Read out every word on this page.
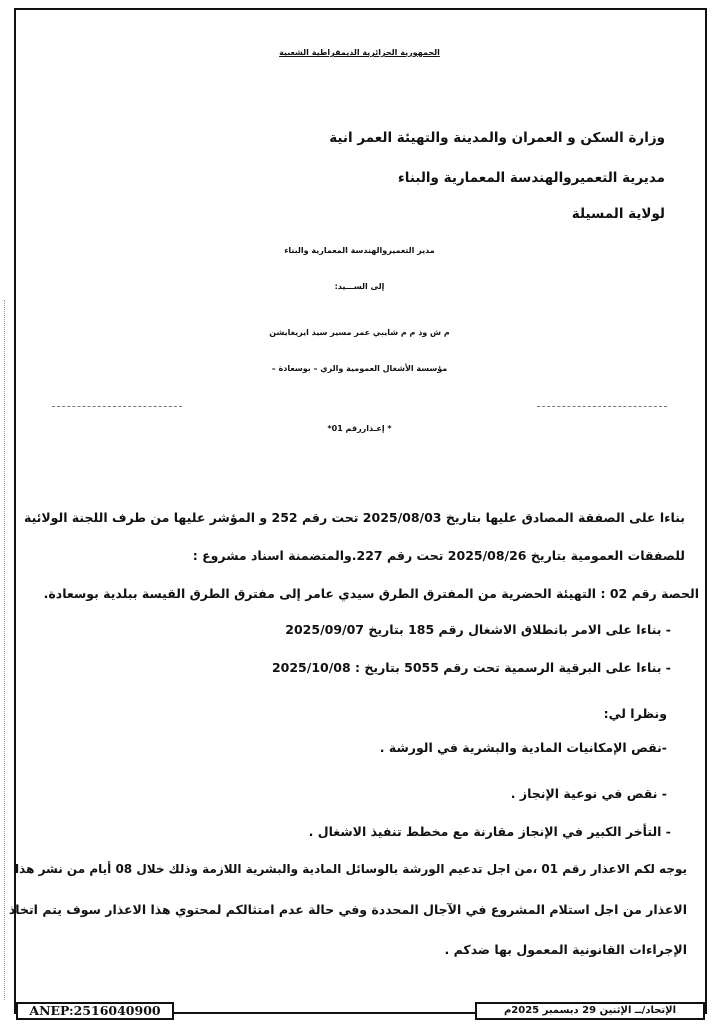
الجمهورية الجزائرية الديمقراطية الشعبية
وزارة السكن و العمران والمدينة والتهيئة العمر انية
مديرية التعميروالهندسة المعمارية والبناء
لولاية المسيلة
مدير التعميروالهندسة المعمارية والبناء
إلى الســـيد:
م ش وذ م م شايبي عمر مسير سيد ايريغايشن
مؤسسة الأشغال العمومية والري – بوسعادة –
* إعـذاررقم 01*
بناءا على الصفقة المصادق عليها بتاريخ 2025/08/03 تحت رقم 252 و المؤشر عليها من طرف اللجنة الولائية
للصفقات العمومية بتاريخ 2025/08/26 تحت رقم 227.والمتضمنة اسناد مشروع :
الحصة رقم 02 : التهيئة الحضرية من المفترق الطرق سيدي عامر إلى مفترق الطرق القيسة ببلدية بوسعادة.
- بناءا على الامر بانطلاق الاشغال رقم 185 بتاريخ 2025/09/07
- بناءا على البرقية الرسمية تحت رقم 5055 بتاريخ : 2025/10/08
ونظرا لي:
-نقص الإمكانيات المادية والبشرية في الورشة .
- نقص في نوعية الإنجاز .
- التأخر الكبير في الإنجاز مقارنة مع مخطط تنفيذ الاشغال .
يوجه لكم الاعذار رقم 01 ،من اجل تدعيم الورشة بالوسائل المادية والبشرية اللازمة وذلك خلال 08 أيام من نشر هذا
الاعذار من اجل استلام المشروع في الآجال المحددة وفي حالة عدم امتثالكم لمحتوي هذا الاعذار سوف يتم اتخاذ
الإجراءات القانونية المعمول بها ضدكم .
ANEP:2516040900	الإتحاد/ــ الإثنين 29 ديسمبر 2025م
